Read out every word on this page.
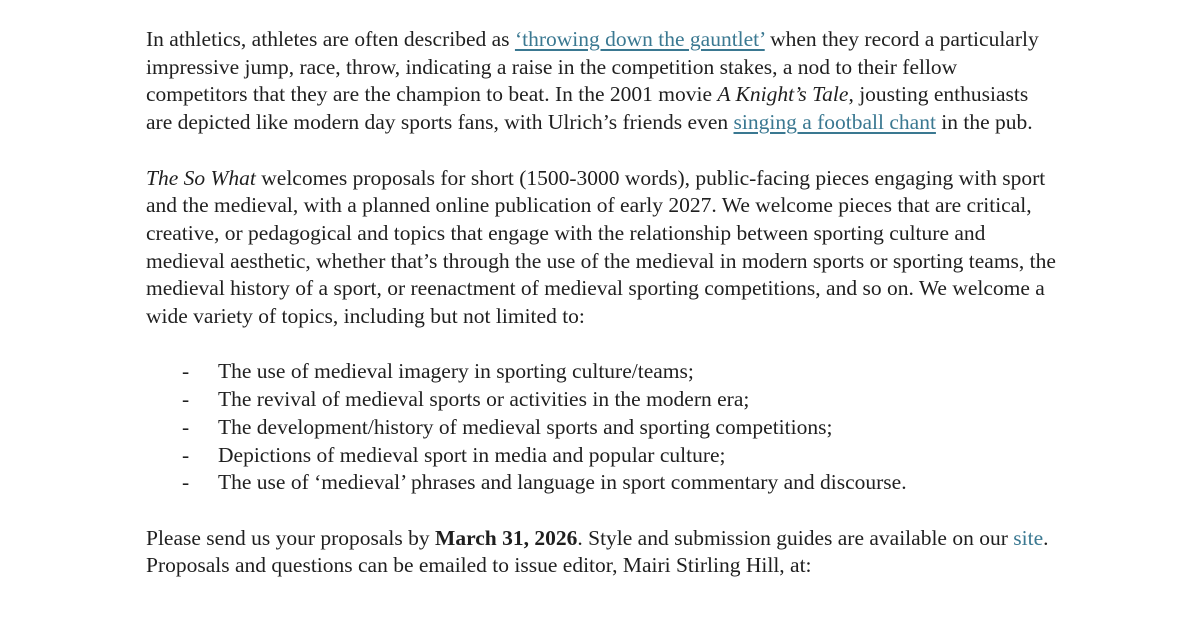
In athletics, athletes are often described as ‘throwing down the gauntlet’ when they record a particularly impressive jump, race, throw, indicating a raise in the competition stakes, a nod to their fellow competitors that they are the champion to beat. In the 2001 movie A Knight’s Tale, jousting enthusiasts are depicted like modern day sports fans, with Ulrich’s friends even singing a football chant in the pub.

The So What welcomes proposals for short (1500-3000 words), public-facing pieces engaging with sport and the medieval, with a planned online publication of early 2027. We welcome pieces that are critical, creative, or pedagogical and topics that engage with the relationship between sporting culture and medieval aesthetic, whether that’s through the use of the medieval in modern sports or sporting teams, the medieval history of a sport, or reenactment of medieval sporting competitions, and so on. We welcome a wide variety of topics, including but not limited to:

- The use of medieval imagery in sporting culture/teams;
- The revival of medieval sports or activities in the modern era;
- The development/history of medieval sports and sporting competitions;
- Depictions of medieval sport in media and popular culture;
- The use of ‘medieval’ phrases and language in sport commentary and discourse.

Please send us your proposals by March 31, 2026. Style and submission guides are available on our site. Proposals and questions can be emailed to issue editor, Mairi Stirling Hill, at:
